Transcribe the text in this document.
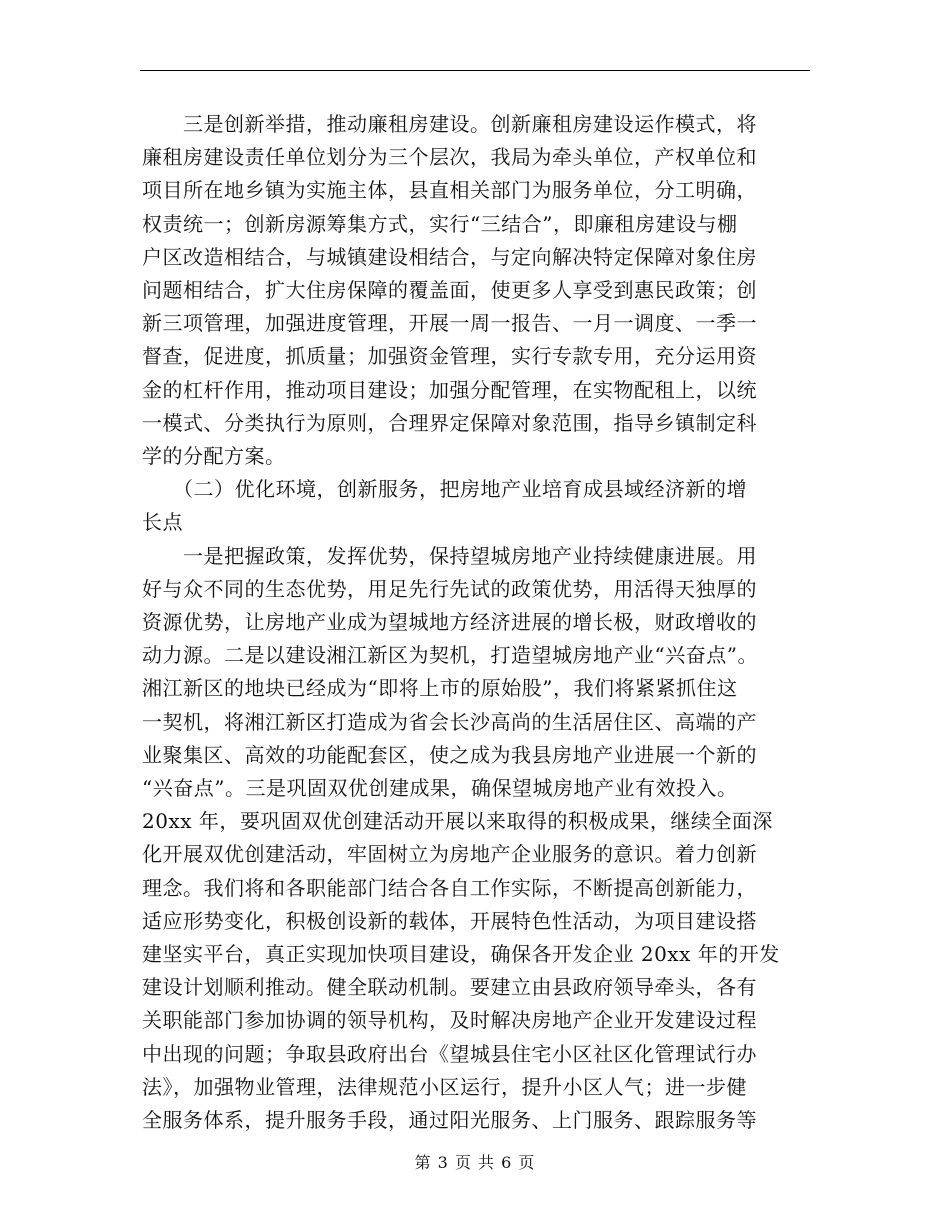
　　三是创新举措，推动廉租房建设。创新廉租房建设运作模式，将
廉租房建设责任单位划分为三个层次，我局为牵头单位，产权单位和
项目所在地乡镇为实施主体，县直相关部门为服务单位，分工明确，
权责统一；创新房源筹集方式，实行“三结合”，即廉租房建设与棚
户区改造相结合，与城镇建设相结合，与定向解决特定保障对象住房
问题相结合，扩大住房保障的覆盖面，使更多人享受到惠民政策；创
新三项管理，加强进度管理，开展一周一报告、一月一调度、一季一
督查，促进度，抓质量；加强资金管理，实行专款专用，充分运用资
金的杠杆作用，推动项目建设；加强分配管理，在实物配租上，以统
一模式、分类执行为原则，合理界定保障对象范围，指导乡镇制定科
学的分配方案。
　　（二）优化环境，创新服务，把房地产业培育成县域经济新的增
长点
　　一是把握政策，发挥优势，保持望城房地产业持续健康进展。用
好与众不同的生态优势，用足先行先试的政策优势，用活得天独厚的
资源优势，让房地产业成为望城地方经济进展的增长极，财政增收的
动力源。二是以建设湘江新区为契机，打造望城房地产业“兴奋点”。
湘江新区的地块已经成为“即将上市的原始股”，我们将紧紧抓住这
一契机，将湘江新区打造成为省会长沙高尚的生活居住区、高端的产
业聚集区、高效的功能配套区，使之成为我县房地产业进展一个新的
“兴奋点”。三是巩固双优创建成果，确保望城房地产业有效投入。
20xx 年，要巩固双优创建活动开展以来取得的积极成果，继续全面深
化开展双优创建活动，牢固树立为房地产企业服务的意识。着力创新
理念。我们将和各职能部门结合各自工作实际，不断提高创新能力，
适应形势变化，积极创设新的载体，开展特色性活动，为项目建设搭
建坚实平台，真正实现加快项目建设，确保各开发企业 20xx 年的开发
建设计划顺利推动。健全联动机制。要建立由县政府领导牵头，各有
关职能部门参加协调的领导机构，及时解决房地产企业开发建设过程
中出现的问题；争取县政府出台《望城县住宅小区社区化管理试行办
法》，加强物业管理，法律规范小区运行，提升小区人气；进一步健
全服务体系，提升服务手段，通过阳光服务、上门服务、跟踪服务等
第 3 页 共 6 页
